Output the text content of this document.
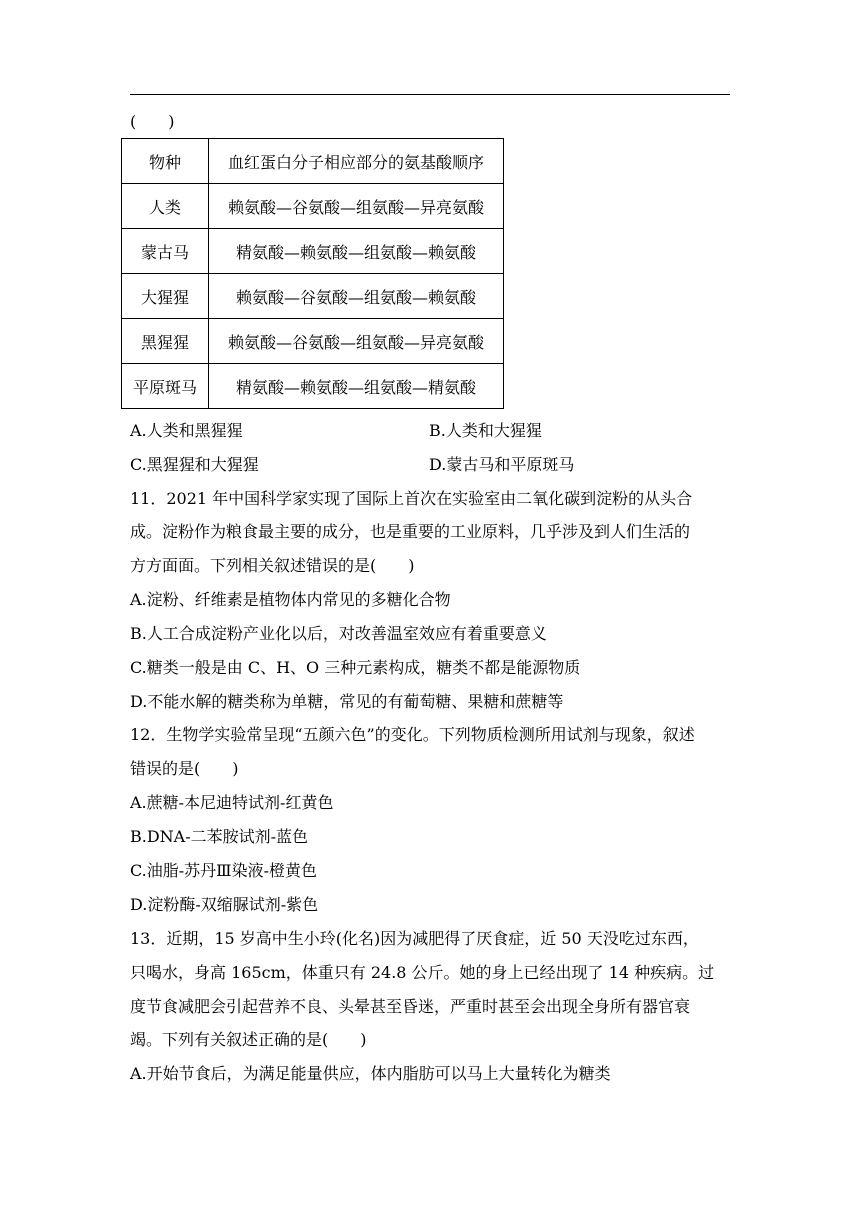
(　　)
物种	血红蛋白分子相应部分的氨基酸顺序
人类	赖氨酸—谷氨酸—组氨酸—异亮氨酸
蒙古马	精氨酸—赖氨酸—组氨酸—赖氨酸
大猩猩	赖氨酸—谷氨酸—组氨酸—赖氨酸
黑猩猩	赖氨酸—谷氨酸—组氨酸—异亮氨酸
平原斑马	精氨酸—赖氨酸—组氨酸—精氨酸
A.人类和黑猩猩	B.人类和大猩猩
C.黑猩猩和大猩猩	D.蒙古马和平原斑马
11．2021 年中国科学家实现了国际上首次在实验室由二氧化碳到淀粉的从头合
成。淀粉作为粮食最主要的成分，也是重要的工业原料，几乎涉及到人们生活的
方方面面。下列相关叙述错误的是(　　)
A.淀粉、纤维素是植物体内常见的多糖化合物
B.人工合成淀粉产业化以后，对改善温室效应有着重要意义
C.糖类一般是由 C、H、O 三种元素构成，糖类不都是能源物质
D.不能水解的糖类称为单糖，常见的有葡萄糖、果糖和蔗糖等
12．生物学实验常呈现“五颜六色”的变化。下列物质检测所用试剂与现象，叙述
错误的是(　　)
A.蔗糖-本尼迪特试剂-红黄色
B.DNA-二苯胺试剂-蓝色
C.油脂-苏丹Ⅲ染液-橙黄色
D.淀粉酶-双缩脲试剂-紫色
13．近期，15 岁高中生小玲(化名)因为减肥得了厌食症，近 50 天没吃过东西，
只喝水，身高 165cm，体重只有 24.8 公斤。她的身上已经出现了 14 种疾病。过
度节食减肥会引起营养不良、头晕甚至昏迷，严重时甚至会出现全身所有器官衰
竭。下列有关叙述正确的是(　　)
A.开始节食后，为满足能量供应，体内脂肪可以马上大量转化为糖类
